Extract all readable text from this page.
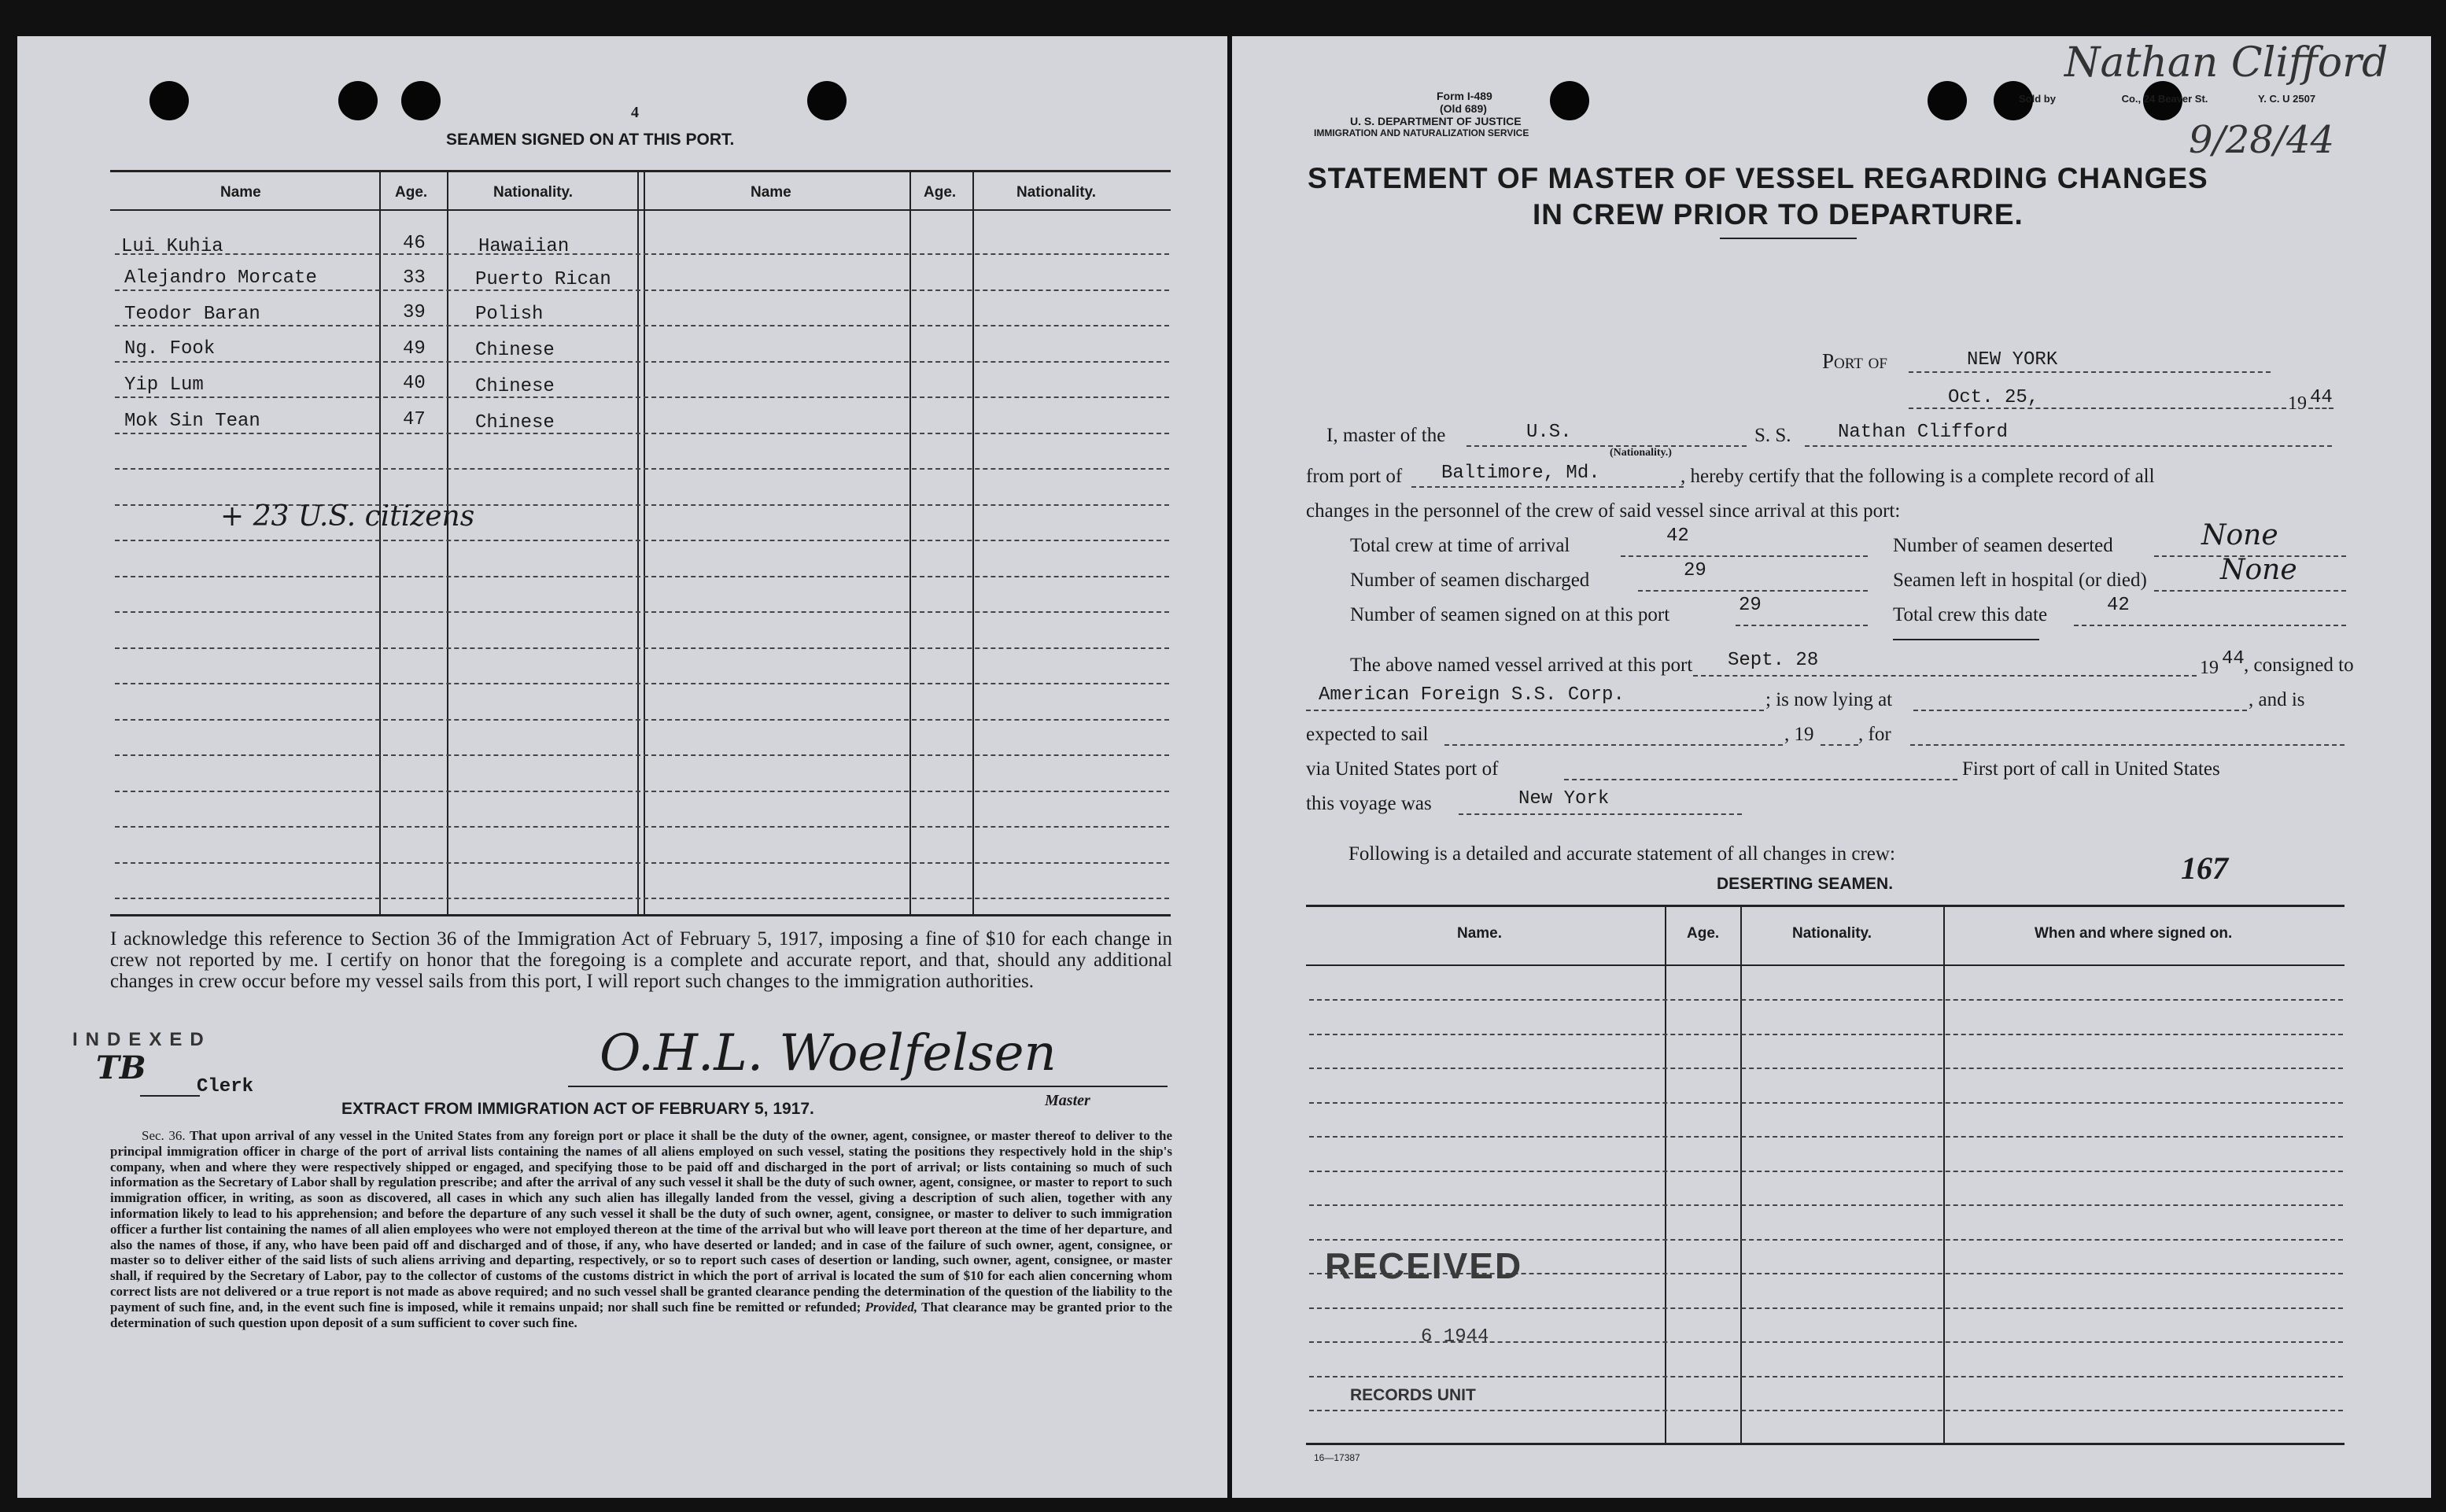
4
SEAMEN SIGNED ON AT THIS PORT.
Name	Age.	Nationality.	Name	Age.	Nationality.
Lui Kuhia	46	Hawaiian
Alejandro Morcate	33	Puerto Rican
Teodor Baran	39	Polish
Ng. Fook	49	Chinese
Yip Lum	40	Chinese
Mok Sin Tean	47	Chinese
+ 23 U.S. citizens
I acknowledge this reference to Section 36 of the Immigration Act of February 5, 1917, imposing a fine of $10 for each change in crew not reported by me. I certify on honor that the foregoing is a complete and accurate report, and that, should any additional changes in crew occur before my vessel sails from this port, I will report such changes to the immigration authorities.
INDEXED
TB
Clerk
O.H.L. Woelfelsen
Master
EXTRACT FROM IMMIGRATION ACT OF FEBRUARY 5, 1917.
Sec. 36. That upon arrival of any vessel in the United States from any foreign port or place it shall be the duty of the owner, agent, consignee, or master thereof to deliver to the principal immigration officer in charge of the port of arrival lists containing the names of all aliens employed on such vessel, stating the positions they respectively hold in the ship's company, when and where they were respectively shipped or engaged, and specifying those to be paid off and discharged in the port of arrival; or lists containing so much of such information as the Secretary of Labor shall by regulation prescribe; and after the arrival of any such vessel it shall be the duty of such owner, agent, consignee, or master to report to such immigration officer, in writing, as soon as discovered, all cases in which any such alien has illegally landed from the vessel, giving a description of such alien, together with any information likely to lead to his apprehension; and before the departure of any such vessel it shall be the duty of such owner, agent, consignee, or master to deliver to such immigration officer a further list containing the names of all alien employees who were not employed thereon at the time of the arrival but who will leave port thereon at the time of her departure, and also the names of those, if any, who have been paid off and discharged and of those, if any, who have deserted or landed; and in case of the failure of such owner, agent, consignee, or master so to deliver either of the said lists of such aliens arriving and departing, respectively, or so to report such cases of desertion or landing, such owner, agent, consignee, or master shall, if required by the Secretary of Labor, pay to the collector of customs of the customs district in which the port of arrival is located the sum of $10 for each alien concerning whom correct lists are not delivered or a true report is not made as above required; and no such vessel shall be granted clearance pending the determination of the question of the liability to the payment of such fine, and, in the event such fine is imposed, while it remains unpaid; nor shall such fine be remitted or refunded; Provided, That clearance may be granted prior to the determination of such question upon deposit of a sum sufficient to cover such fine.
Form I-489
(Old 689)
U. S. DEPARTMENT OF JUSTICE
IMMIGRATION AND NATURALIZATION SERVICE
Sold by	Co., 24 Beaver St.	Y. C. U 2507
Nathan Clifford
9/28/44
STATEMENT OF MASTER OF VESSEL REGARDING CHANGES
IN CREW PRIOR TO DEPARTURE.
Port of	NEW YORK
Oct. 25,	19 44
I, master of the	U.S.
(Nationality.)
S. S. Nathan Clifford
from port of Baltimore, Md.	, hereby certify that the following is a complete record of all
changes in the personnel of the crew of said vessel since arrival at this port:
Total crew at time of arrival	42	Number of seamen deserted	None
Number of seamen discharged	29	Seamen left in hospital (or died)	None
Number of seamen signed on at this port	29	Total crew this date	42
The above named vessel arrived at this port Sept. 28	19 44 , consigned to
American Foreign S.S. Corp.	; is now lying at	, and is
expected to sail	, 19 , for
via United States port of	First port of call in United States
this voyage was	New York
Following is a detailed and accurate statement of all changes in crew:
DESERTING SEAMEN.	167
Name.	Age.	Nationality.	When and where signed on.
RECEIVED
6 1944
RECORDS UNIT
16—17387
